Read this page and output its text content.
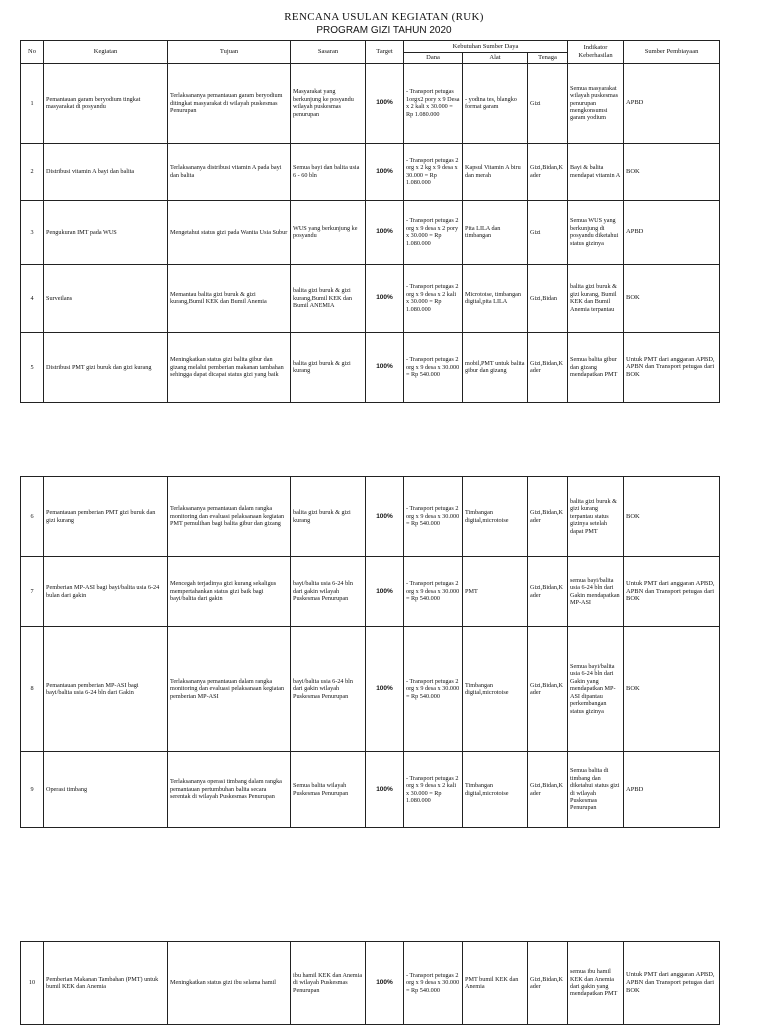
RENCANA USULAN KEGIATAN (RUK)
PROGRAM GIZI TAHUN 2020
No	Kegiatan	Tujuan	Sasaran	Target	Kebutuhan Sumber Daya			Indikator Keberhasilan	Sumber Pembiayaan
					Dana	Alat	Tenaga		
1	Pemantauan garam beryodium tingkat masyarakat di posyandu	Terlaksananya pemantauan garam beryodium ditingkat masyarakat di wilayah puskesmas Penurupan	Masyarakat yang berkunjung ke posyandu wilayah puskesmas penurupan	100%	- Transport petugas 1orgx2 pory x 9 Desa x 2 kali x 30.000 = Rp 1.080.000	- yodina tes, blangko format garam	Gizi	Semua masyarakat wilayah puskesmas penurupan mengkonsumsi garam yodium	APBD
2	Distribusi vitamin A bayi dan balita	Terlaksananya distribusi vitamin A pada bayi dan balita	Semua bayi dan balita usia 6 - 60 bln	100%	- Transport petugas 2 org x 2 kg x 9 desa x 30.000 = Rp 1.080.000	Kapsul Vitamin A biru dan merah	Gizi,Bidan,Kader	Bayi & balita mendapat vitamin A	BOK
3	Pengukuran IMT pada WUS	Mengetahui status gizi pada Wanita Usia Subur	WUS yang berkunjung ke posyandu	100%	- Transport petugas 2 org x 9 desa x 2 pory x 30.000 = Rp 1.080.000	Pita LILA dan timbangan	Gizi	Semua WUS yang berkunjung di posyandu diketahui status gizinya	APBD
4	Surveilans	Memantau balita gizi buruk & gizi kurang,Bumil KEK dan Bumil Anemia	balita gizi buruk & gizi kurang,Bumil KEK dan Bumil ANEMIA	100%	- Transport petugas 2 org x 9 desa x 2 kali x 30.000 = Rp 1.080.000	Microtoise, timbangan digital,pita LILA	Gizi,Bidan	balita gizi buruk & gizi kurang, Bumil KEK dan Bumil Anemia terpantau	BOK
5	Distribusi PMT gizi buruk dan gizi kurang	Meningkatkan status gizi balita gibur dan gizang melalui pemberian makanan tambahan sehingga dapat dicapai status gizi yang baik	balita gizi buruk & gizi kurang	100%	- Transport petugas 2 org x 9 desa x 30.000 = Rp 540.000	mobil,PMT untuk balita gibur dan gizang	Gizi,Bidan,Kader	Semua balita gibur dan gizang mendapatkan PMT	Untuk PMT dari anggaran APBD, APBN dan Transport petugas dari BOK
6	Pemantauan pemberian PMT gizi buruk dan gizi kurang	Terlaksananya pemantauan dalam rangka monitoring dan evaluasi pelaksanaan kegiatan PMT pemulihan bagi balita gibur dan gizang	balita gizi buruk & gizi kurang	100%	- Transport petugas 2 org x 9 desa x 30.000 = Rp 540.000	Timbangan digital,microtoise	Gizi,Bidan,Kader	balita gizi buruk & gizi kurang terpantau status gizinya setelah dapat PMT	BOK
7	Pemberian MP-ASI bagi bayi/balita usia 6-24 bulan dari gakin	Mencegah terjadinya gizi kurang sekaligus mempertahankan status gizi baik bagi bayi/balita dari gakin	bayi/balita usia 6-24 bln dari gakin wilayah Puskesmas Penurupan	100%	- Transport petugas 2 org x 9 desa x 30.000 = Rp 540.000	PMT	Gizi,Bidan,Kader	semua bayi/balita usia 6-24 bln dari Gakin mendapatkan MP-ASI	Untuk PMT dari anggaran APBD, APBN dan Transport petugas dari BOK
8	Pemantauan pemberian MP-ASI bagi bayi/balita usia 6-24 bln dari Gakin	Terlaksananya pemantauan dalam rangka monitoring dan evaluasi pelaksanaan kegiatan pemberian MP-ASI	bayi/balita usia 6-24 bln dari gakin wilayah Puskesmas Penurupan	100%	- Transport petugas 2 org x 9 desa x 30.000 = Rp 540.000	Timbangan digital,microtoise	Gizi,Bidan,Kader	Semua bayi/balita usia 6-24 bln dari Gakin yang mendapatkan MP-ASI dipantau perkembangan status gizinya	BOK
9	Operasi timbang	Terlaksananya operasi timbang dalam rangka pemantauan pertumbuhan balita secara serentak di wilayah Puskesmas Penurupan	Semua balita wilayah Puskesmas Penurupan	100%	- Transport petugas 2 org x 9 desa x 2 kali x 30.000 = Rp 1.080.000	Timbangan digital,microtoise	Gizi,Bidan,Kader	Semua balita di timbang dan diketahui status gizi di wilayah Puskesmas Penurupan	APBD
10	Pemberian Makanan Tambahan (PMT) untuk bumil KEK dan Anemia	Meningkatkan status gizi ibu selama hamil	ibu hamil KEK dan Anemia di wilayah Puskesmas Penurupan	100%	- Transport petugas 2 org x 9 desa x 30.000 = Rp 540.000	PMT bumil KEK dan Anemia	Gizi,Bidan,Kader	semua ibu hamil KEK dan Anemia dari gakin yang mendapatkan PMT	Untuk PMT dari anggaran APBD, APBN dan Transport petugas dari BOK
